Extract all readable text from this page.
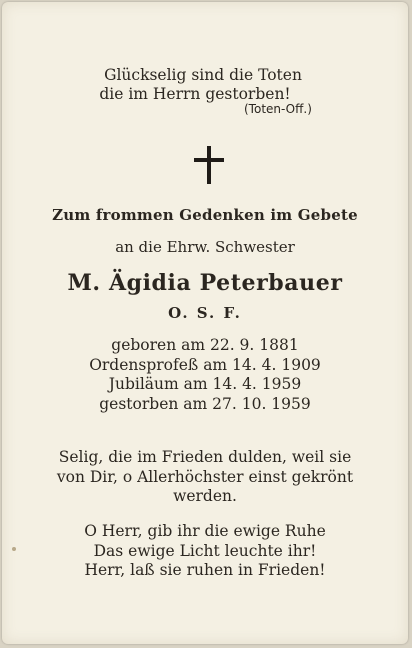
Glückselig sind die Toten
die im Herrn gestorben!
(Toten-Off.)
Zum frommen Gedenken im Gebete
an die Ehrw. Schwester
M. Ägidia Peterbauer
O. S. F.
geboren am 22. 9. 1881
Ordensprofeß am 14. 4. 1909
Jubiläum am 14. 4. 1959
gestorben am 27. 10. 1959
Selig, die im Frieden dulden, weil sie
von Dir, o Allerhöchster einst gekrönt
werden.
O Herr, gib ihr die ewige Ruhe
Das ewige Licht leuchte ihr!
Herr, laß sie ruhen in Frieden!
